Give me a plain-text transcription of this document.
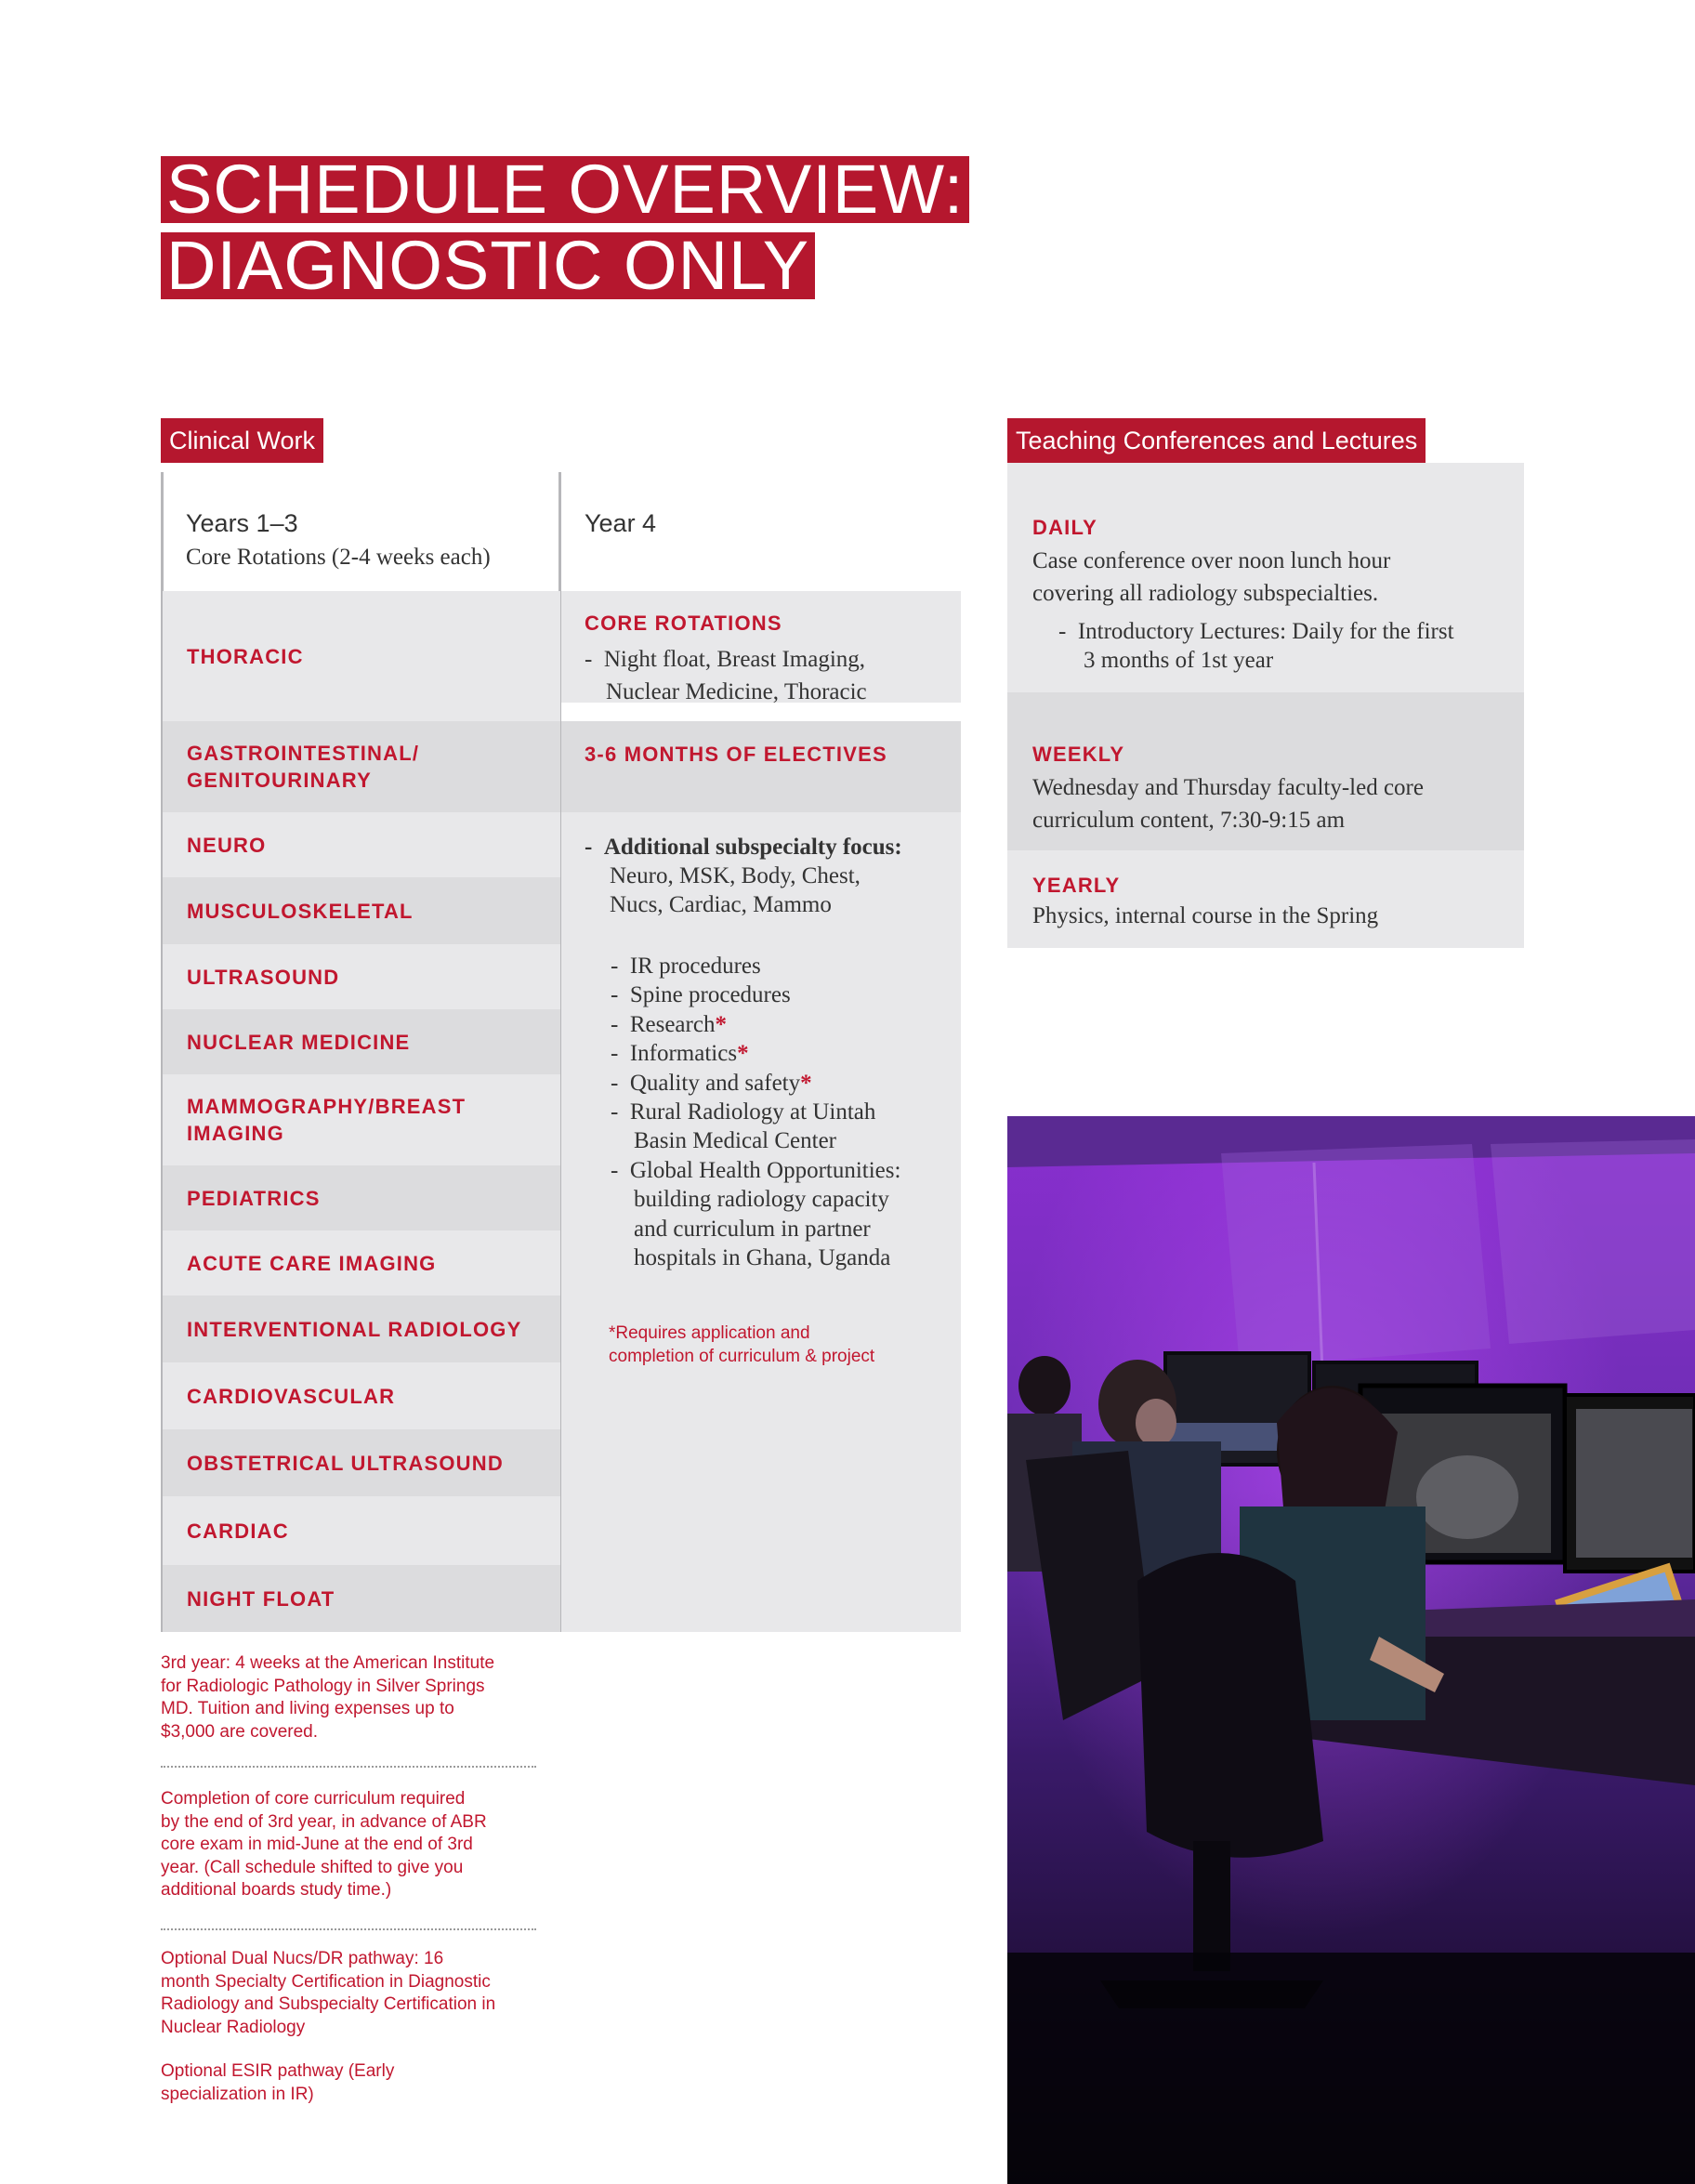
SCHEDULE OVERVIEW:
DIAGNOSTIC ONLY
Clinical Work
Years 1–3
Core Rotations (2-4 weeks each)
Year 4
THORACIC
GASTROINTESTINAL/
GENITOURINARY
NEURO
MUSCULOSKELETAL
ULTRASOUND
NUCLEAR MEDICINE
MAMMOGRAPHY/BREAST
IMAGING
PEDIATRICS
ACUTE CARE IMAGING
INTERVENTIONAL RADIOLOGY
CARDIOVASCULAR
OBSTETRICAL ULTRASOUND
CARDIAC
NIGHT FLOAT
CORE ROTATIONS
- Night float, Breast Imaging,
Nuclear Medicine, Thoracic
3-6 MONTHS OF ELECTIVES
- Additional subspecialty focus:
Neuro, MSK, Body, Chest,
Nucs, Cardiac, Mammo
- IR procedures
- Spine procedures
- Research*
- Informatics*
- Quality and safety*
- Rural Radiology at Uintah
Basin Medical Center
- Global Health Opportunities:
building radiology capacity
and curriculum in partner
hospitals in Ghana, Uganda
*Requires application and
completion of curriculum & project
3rd year: 4 weeks at the American Institute
for Radiologic Pathology in Silver Springs
MD. Tuition and living expenses up to
$3,000 are covered.
Completion of core curriculum required
by the end of 3rd year, in advance of ABR
core exam in mid-June at the end of 3rd
year. (Call schedule shifted to give you
additional boards study time.)
Optional Dual Nucs/DR pathway: 16
month Specialty Certification in Diagnostic
Radiology and Subspecialty Certification in
Nuclear Radiology
Optional ESIR pathway (Early
specialization in IR)
Teaching Conferences and Lectures
DAILY
Case conference over noon lunch hour
covering all radiology subspecialties.
- Introductory Lectures: Daily for the first
3 months of 1st year
WEEKLY
Wednesday and Thursday faculty-led core
curriculum content, 7:30-9:15 am
YEARLY
Physics, internal course in the Spring
